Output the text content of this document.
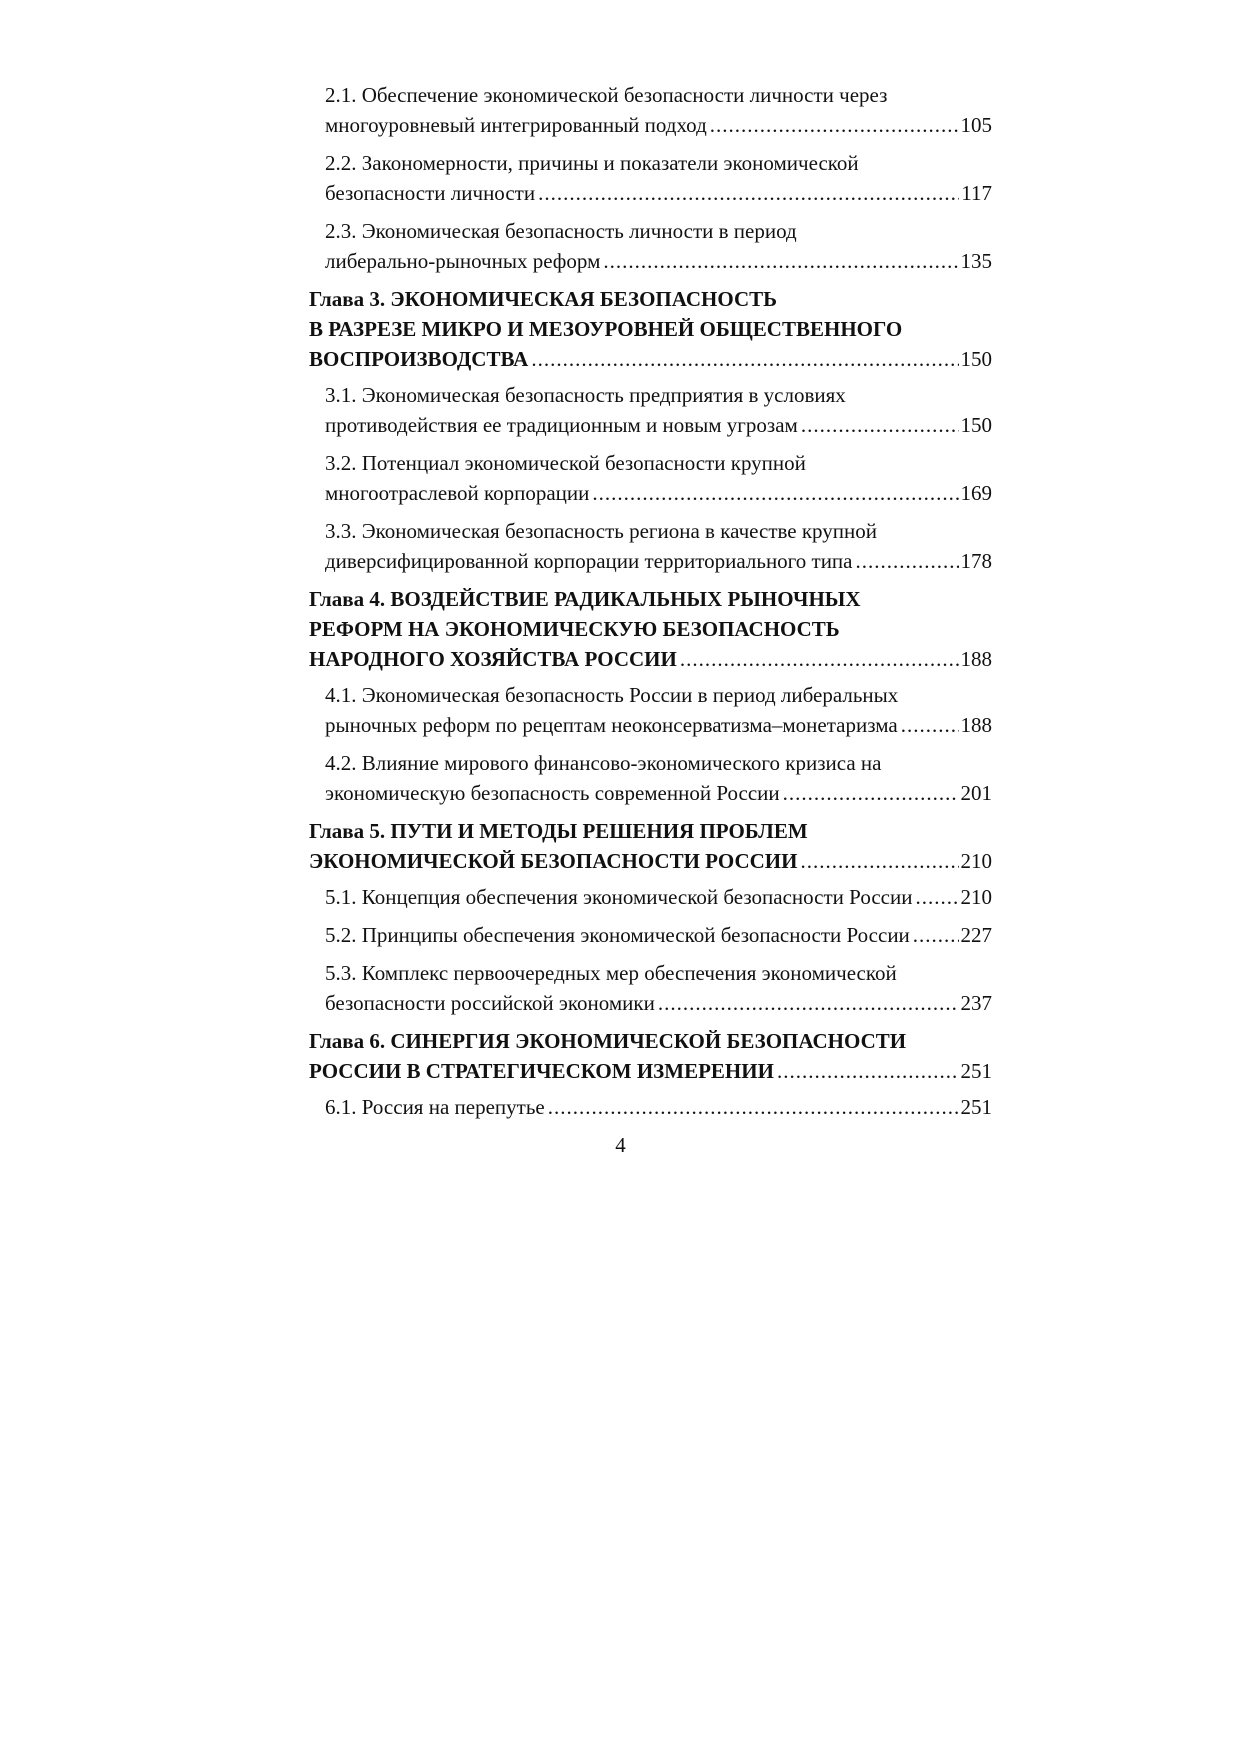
2.1. Обеспечение экономической безопасности личности через
многоуровневый интегрированный подход .....	105
2.2. Закономерности, причины и показатели экономической
безопасности личности .....	117
2.3. Экономическая безопасность личности в период
либерально-рыночных реформ .....	135
Глава 3. ЭКОНОМИЧЕСКАЯ БЕЗОПАСНОСТЬ
В РАЗРЕЗЕ МИКРО И МЕЗОУРОВНЕЙ ОБЩЕСТВЕННОГО
ВОСПРОИЗВОДСТВА .....	150
3.1. Экономическая безопасность предприятия в условиях
противодействия ее традиционным и новым угрозам .....	150
3.2. Потенциал экономической безопасности крупной
многоотраслевой корпорации .....	169
3.3. Экономическая безопасность региона в качестве крупной
диверсифицированной корпорации территориального типа .....	178
Глава 4. ВОЗДЕЙСТВИЕ РАДИКАЛЬНЫХ РЫНОЧНЫХ
РЕФОРМ НА ЭКОНОМИЧЕСКУЮ БЕЗОПАСНОСТЬ
НАРОДНОГО ХОЗЯЙСТВА РОССИИ .....	188
4.1. Экономическая безопасность России в период либеральных
рыночных реформ по рецептам неоконсерватизма–монетаризма .....	188
4.2. Влияние мирового финансово-экономического кризиса на
экономическую безопасность современной России .....	201
Глава 5. ПУТИ И МЕТОДЫ РЕШЕНИЯ ПРОБЛЕМ
ЭКОНОМИЧЕСКОЙ БЕЗОПАСНОСТИ РОССИИ .....	210
5.1. Концепция обеспечения экономической безопасности России ..... 210
5.2. Принципы обеспечения экономической безопасности России ..... 227
5.3. Комплекс первоочередных мер обеспечения экономической
безопасности российской экономики .....	237
Глава 6. СИНЕРГИЯ ЭКОНОМИЧЕСКОЙ БЕЗОПАСНОСТИ
РОССИИ В СТРАТЕГИЧЕСКОМ ИЗМЕРЕНИИ .....	251
6.1. Россия на перепутье .....	251
4
